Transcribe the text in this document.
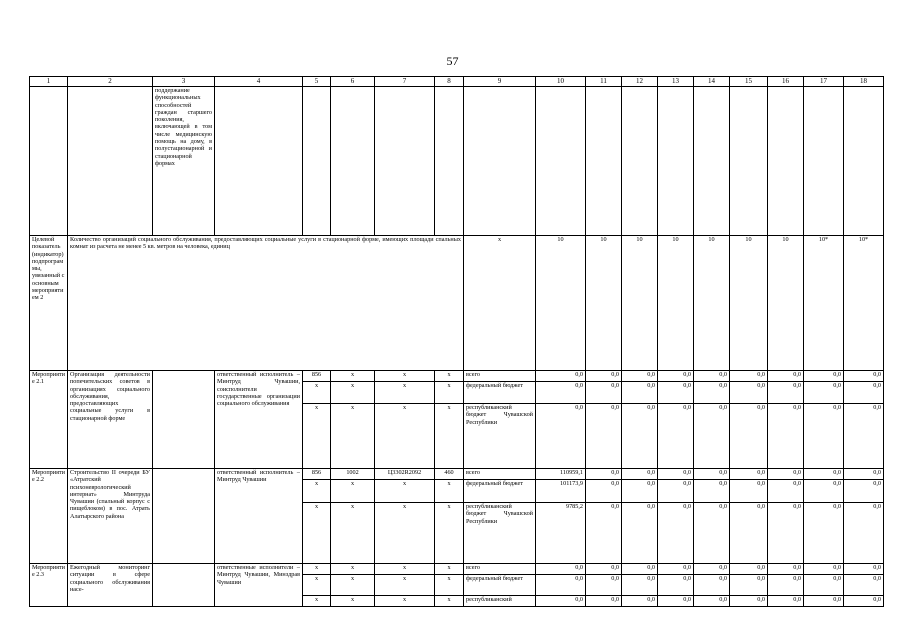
57
1	2	3	4	5	6	7	8	9	10	11	12	13	14	15	16	17	18
		поддержание функциональных способностей граждан старшего поколения, включающей в том числе медицинскую помощь на дому, в полустационарной и стационарной формах															
Целевой показатель (индикатор) подпрограммы, увязанный с основным мероприятием 2	Количество организаций социального обслуживания, предоставляющих социальные услуги в стационарной форме, имеющих площади спальных комнат из расчета не менее 5 кв. метров на человека, единиц							x	10	10	10	10	10	10	10	10*	10*
Мероприятие 2.1	Организация деятельности попечительских советов в организациях социального обслуживания, предоставляющих социальные услуги в стационарной форме		ответственный исполнитель – Минтруд Чувашии, соисполнители государственные организации социального обслуживания	856	x	x	x	всего	0,0	0,0	0,0	0,0	0,0	0,0	0,0	0,0	0,0
				x	x	x	x	федеральный бюджет	0,0	0,0	0,0	0,0	0,0	0,0	0,0	0,0	0,0
				x	x	x	x	республиканский бюджет Чувашской Республики	0,0	0,0	0,0	0,0	0,0	0,0	0,0	0,0	0,0
Мероприятие 2.2	Строительство II очереди БУ «Атратский психоневрологический интернат» Минтруда Чувашии (спальный корпус с пищеблоком) в пос. Атрать Алатырского района		ответственный исполнитель – Минтруд Чувашии	856	1002	Ц3302R2092	460	всего	110959,1	0,0	0,0	0,0	0,0	0,0	0,0	0,0	0,0
				x	x	x	x	федеральный бюджет	101173,9	0,0	0,0	0,0	0,0	0,0	0,0	0,0	0,0
				x	x	x	x	республиканский бюджет Чувашской Республики	9785,2	0,0	0,0	0,0	0,0	0,0	0,0	0,0	0,0
Мероприятие 2.3	Ежегодный мониторинг ситуации в сфере социального обслуживания насе-		ответственные исполнители – Минтруд Чувашии, Минздрав Чувашии	x	x	x	x	всего	0,0	0,0	0,0	0,0	0,0	0,0	0,0	0,0	0,0
				x	x	x	x	федеральный бюджет	0,0	0,0	0,0	0,0	0,0	0,0	0,0	0,0	0,0
				x	x	x	x	республиканский	0,0	0,0	0,0	0,0	0,0	0,0	0,0	0,0	0,0
